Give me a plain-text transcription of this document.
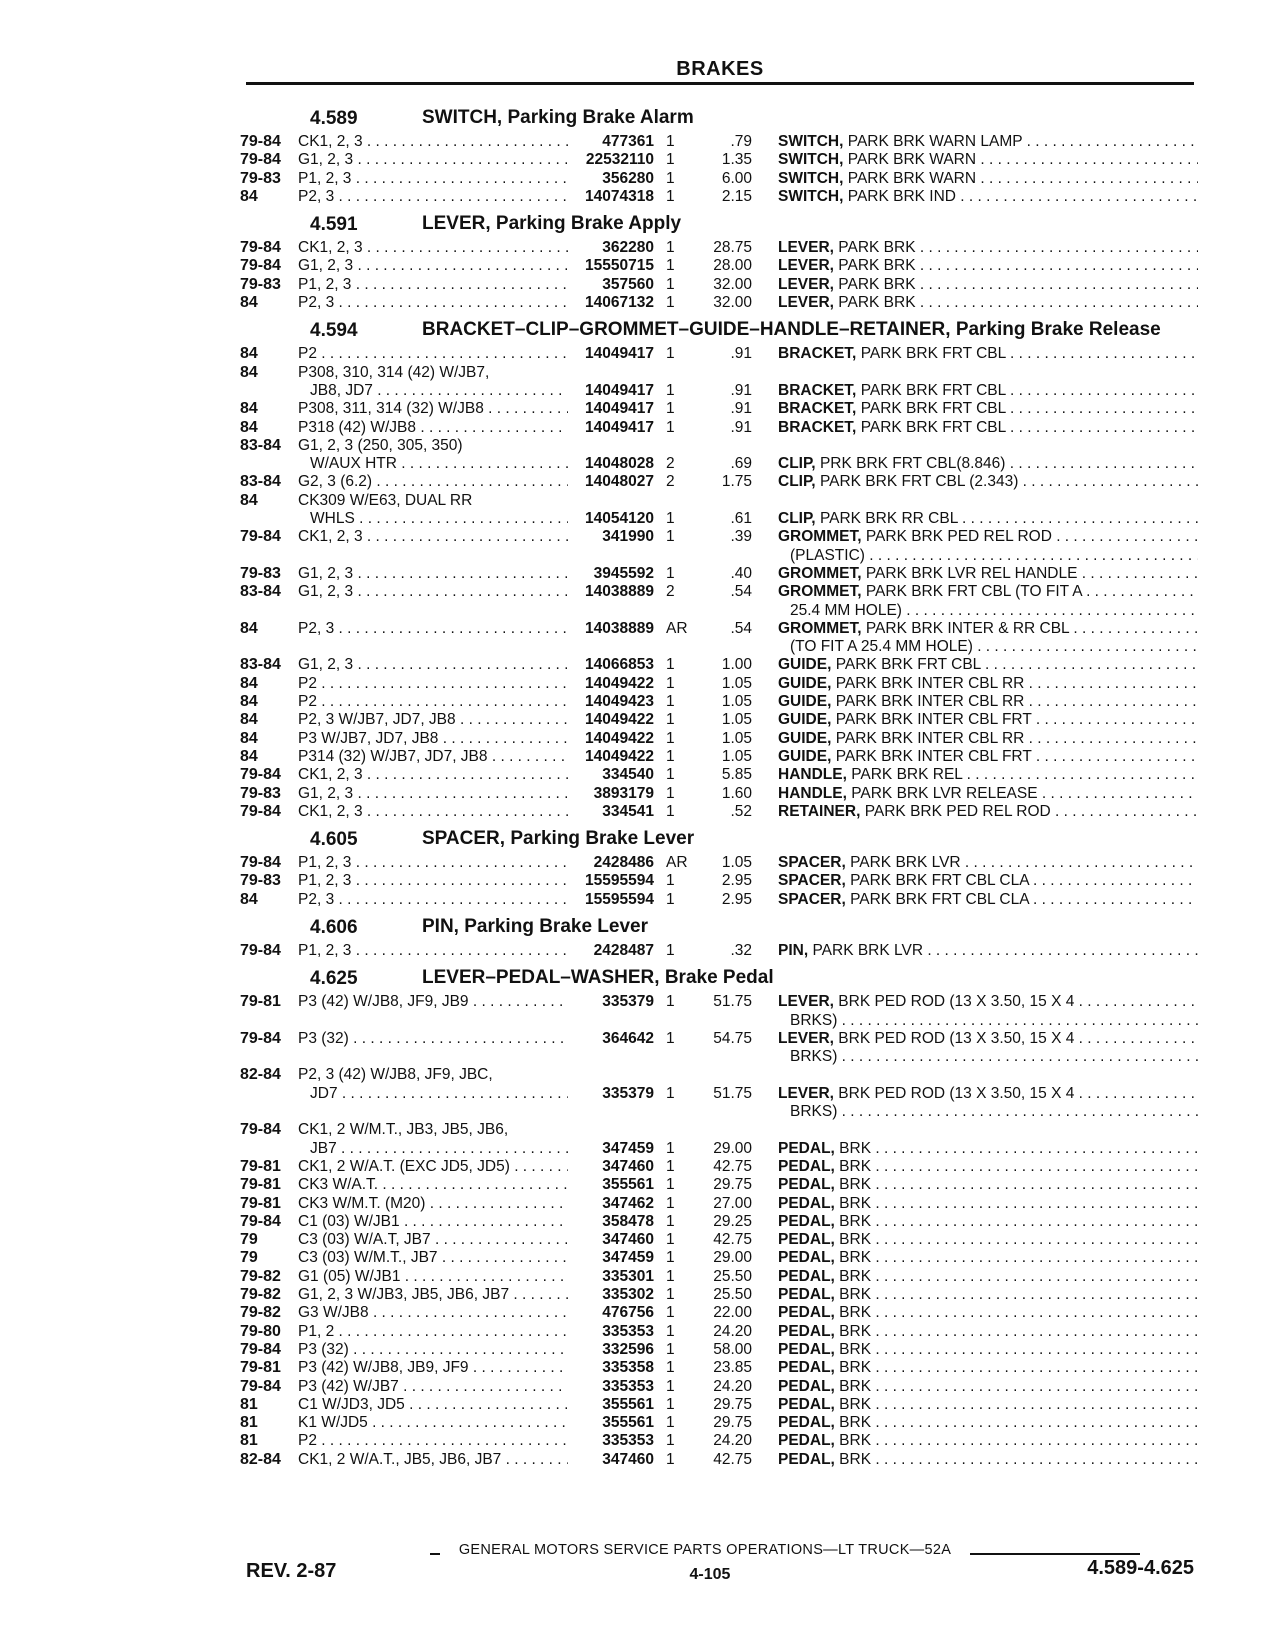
BRAKES
4.589	SWITCH, Parking Brake Alarm
79-84	CK1, 2, 3 . . .	477361 1	.79	SWITCH, PARK BRK WARN LAMP . . .
79-84	G1, 2, 3 . . .	22532110 1	1.35	SWITCH, PARK BRK WARN . . .
79-83	P1, 2, 3 . . .	356280 1	6.00	SWITCH, PARK BRK WARN . . .
84	P2, 3 . . .	14074318 1	2.15	SWITCH, PARK BRK IND . . .
4.591	LEVER, Parking Brake Apply
79-84	CK1, 2, 3 . . .	362280 1	28.75	LEVER, PARK BRK . . .
79-84	G1, 2, 3 . . .	15550715 1	28.00	LEVER, PARK BRK . . .
79-83	P1, 2, 3 . . .	357560 1	32.00	LEVER, PARK BRK . . .
84	P2, 3 . . .	14067132 1	32.00	LEVER, PARK BRK . . .
4.594	BRACKET–CLIP–GROMMET–GUIDE–HANDLE–RETAINER, Parking Brake Release
84	P2 . . .	14049417 1	.91	BRACKET, PARK BRK FRT CBL . . .
84	P308, 310, 314 (42) W/JB7,
JB8, JD7 . . .	14049417 1	.91	BRACKET, PARK BRK FRT CBL . . .
84	P308, 311, 314 (32) W/JB8 . . .	14049417 1	.91	BRACKET, PARK BRK FRT CBL . . .
84	P318 (42) W/JB8 . . .	14049417 1	.91	BRACKET, PARK BRK FRT CBL . . .
83-84	G1, 2, 3 (250, 305, 350)
W/AUX HTR . . .	14048028 2	.69	CLIP, PRK BRK FRT CBL(8.846) . . .
83-84	G2, 3 (6.2) . . .	14048027 2	1.75	CLIP, PARK BRK FRT CBL (2.343) . . .
84	CK309 W/E63, DUAL RR
WHLS . . .	14054120 1	.61	CLIP, PARK BRK RR CBL . . .
79-84	CK1, 2, 3 . . .	341990 1	.39	GROMMET, PARK BRK PED REL ROD . . .
(PLASTIC) . . .
79-83	G1, 2, 3 . . .	3945592 1	.40	GROMMET, PARK BRK LVR REL HANDLE . . .
83-84	G1, 2, 3 . . .	14038889 2	.54	GROMMET, PARK BRK FRT CBL (TO FIT A . . .
25.4 MM HOLE) . . .
84	P2, 3 . . .	14038889 AR	.54	GROMMET, PARK BRK INTER & RR CBL . . .
(TO FIT A 25.4 MM HOLE) . . .
83-84	G1, 2, 3 . . .	14066853 1	1.00	GUIDE, PARK BRK FRT CBL . . .
84	P2 . . .	14049422 1	1.05	GUIDE, PARK BRK INTER CBL RR . . .
84	P2 . . .	14049423 1	1.05	GUIDE, PARK BRK INTER CBL RR . . .
84	P2, 3 W/JB7, JD7, JB8 . . .	14049422 1	1.05	GUIDE, PARK BRK INTER CBL FRT . . .
84	P3 W/JB7, JD7, JB8 . . .	14049422 1	1.05	GUIDE, PARK BRK INTER CBL RR . . .
84	P314 (32) W/JB7, JD7, JB8 . . .	14049422 1	1.05	GUIDE, PARK BRK INTER CBL FRT . . .
79-84	CK1, 2, 3 . . .	334540 1	5.85	HANDLE, PARK BRK REL . . .
79-83	G1, 2, 3 . . .	3893179 1	1.60	HANDLE, PARK BRK LVR RELEASE . . .
79-84	CK1, 2, 3 . . .	334541 1	.52	RETAINER, PARK BRK PED REL ROD . . .
4.605	SPACER, Parking Brake Lever
79-84	P1, 2, 3 . . .	2428486 AR	1.05	SPACER, PARK BRK LVR . . .
79-83	P1, 2, 3 . . .	15595594 1	2.95	SPACER, PARK BRK FRT CBL CLA . . .
84	P2, 3 . . .	15595594 1	2.95	SPACER, PARK BRK FRT CBL CLA . . .
4.606	PIN, Parking Brake Lever
79-84	P1, 2, 3 . . .	2428487 1	.32	PIN, PARK BRK LVR . . .
4.625	LEVER–PEDAL–WASHER, Brake Pedal
79-81	P3 (42) W/JB8, JF9, JB9 . . .	335379 1	51.75	LEVER, BRK PED ROD (13 X 3.50, 15 X 4 . . .
BRKS) . . .
79-84	P3 (32) . . .	364642 1	54.75	LEVER, BRK PED ROD (13 X 3.50, 15 X 4 . . .
BRKS) . . .
82-84	P2, 3 (42) W/JB8, JF9, JBC,
JD7 . . .	335379 1	51.75	LEVER, BRK PED ROD (13 X 3.50, 15 X 4 . . .
BRKS) . . .
79-84	CK1, 2 W/M.T., JB3, JB5, JB6,
JB7 . . .	347459 1	29.00	PEDAL, BRK . . .
79-81	CK1, 2 W/A.T. (EXC JD5, JD5) . . .	347460 1	42.75	PEDAL, BRK . . .
79-81	CK3 W/A.T. . . .	355561 1	29.75	PEDAL, BRK . . .
79-81	CK3 W/M.T. (M20) . . .	347462 1	27.00	PEDAL, BRK . . .
79-84	C1 (03) W/JB1 . . .	358478 1	29.25	PEDAL, BRK . . .
79	C3 (03) W/A.T, JB7 . . .	347460 1	42.75	PEDAL, BRK . . .
79	C3 (03) W/M.T., JB7 . . .	347459 1	29.00	PEDAL, BRK . . .
79-82	G1 (05) W/JB1 . . .	335301 1	25.50	PEDAL, BRK . . .
79-82	G1, 2, 3 W/JB3, JB5, JB6, JB7 . . .	335302 1	25.50	PEDAL, BRK . . .
79-82	G3 W/JB8 . . .	476756 1	22.00	PEDAL, BRK . . .
79-80	P1, 2 . . .	335353 1	24.20	PEDAL, BRK . . .
79-84	P3 (32) . . .	332596 1	58.00	PEDAL, BRK . . .
79-81	P3 (42) W/JB8, JB9, JF9 . . .	335358 1	23.85	PEDAL, BRK . . .
79-84	P3 (42) W/JB7 . . .	335353 1	24.20	PEDAL, BRK . . .
81	C1 W/JD3, JD5 . . .	355561 1	29.75	PEDAL, BRK . . .
81	K1 W/JD5 . . .	355561 1	29.75	PEDAL, BRK . . .
81	P2 . . .	335353 1	24.20	PEDAL, BRK . . .
82-84	CK1, 2 W/A.T., JB5, JB6, JB7 . . .	347460 1	42.75	PEDAL, BRK . . .
GENERAL MOTORS SERVICE PARTS OPERATIONS—LT TRUCK—52A
REV. 2-87	4-105	4.589-4.625
